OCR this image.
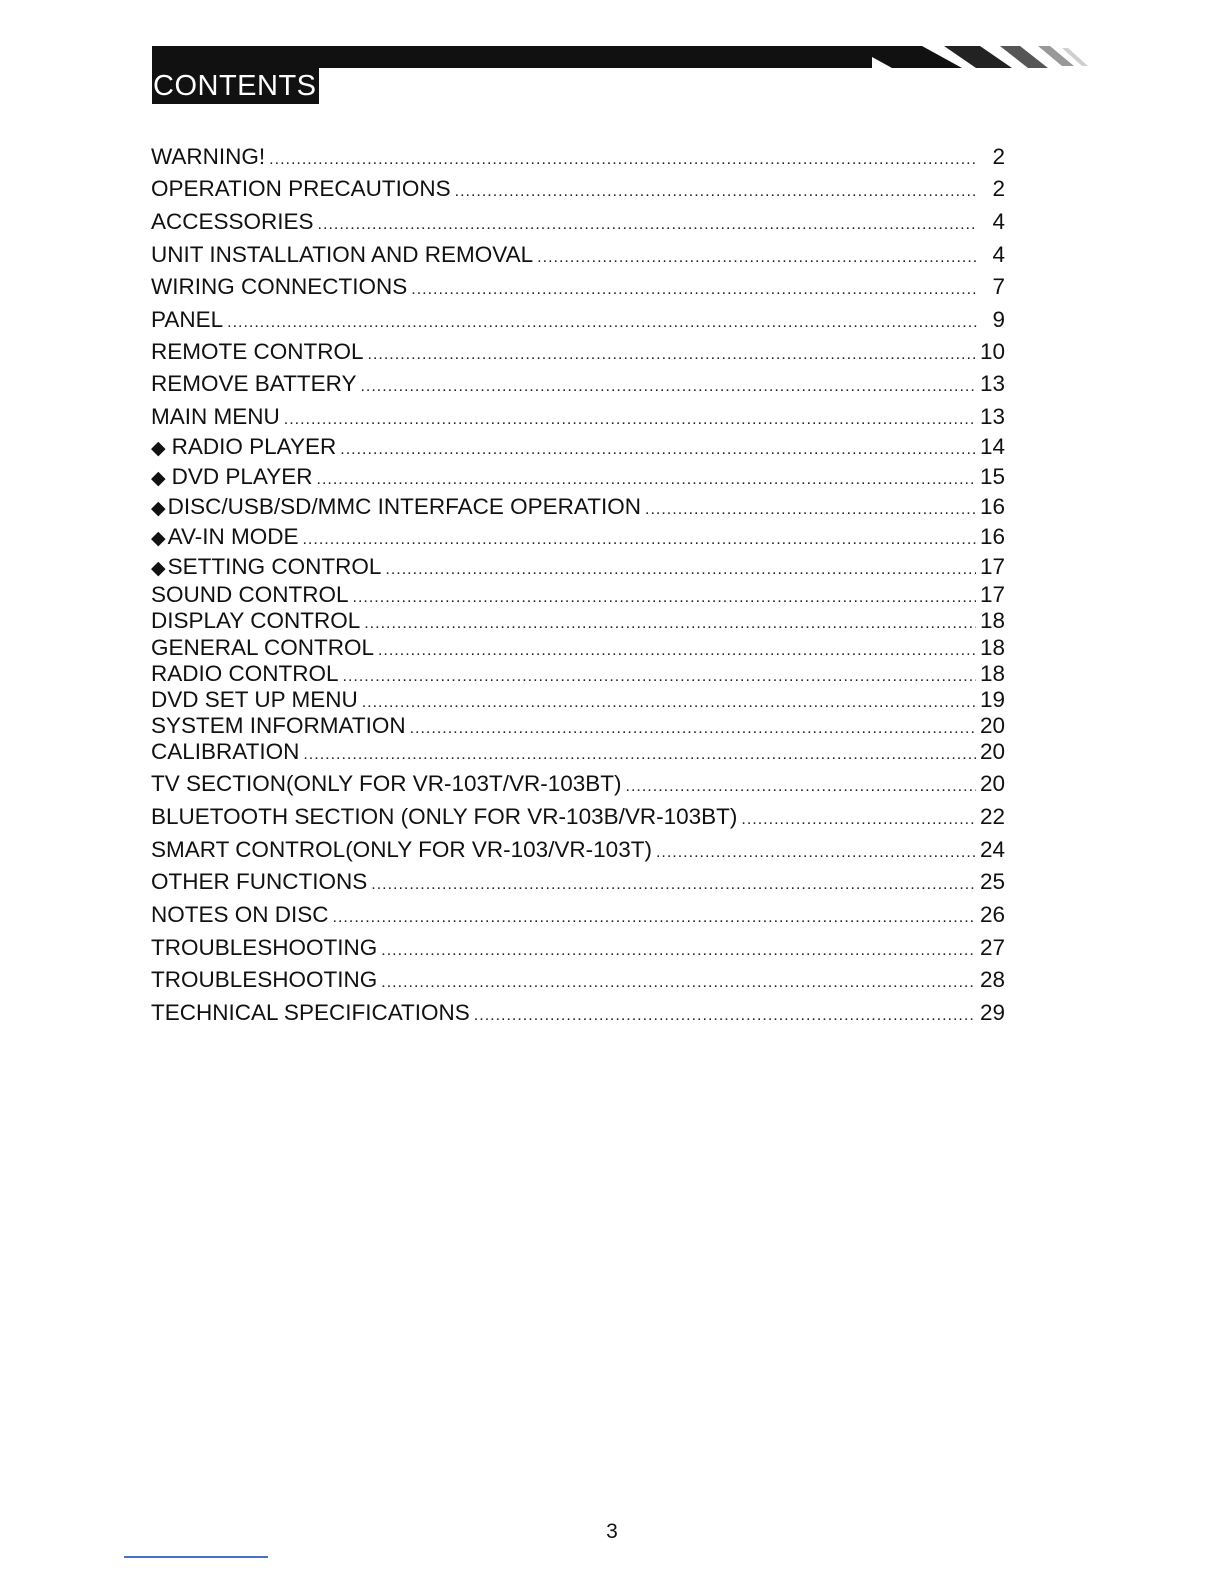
CONTENTS
WARNING! .....	2
OPERATION PRECAUTIONS .....	2
ACCESSORIES .....	4
UNIT INSTALLATION AND REMOVAL .....	4
WIRING CONNECTIONS .....	7
PANEL .....	9
REMOTE CONTROL .....	10
REMOVE BATTERY .....	13
MAIN MENU .....	13
◆ RADIO PLAYER .....	14
◆ DVD PLAYER .....	15
◆DISC/USB/SD/MMC INTERFACE OPERATION .....	16
◆AV-IN MODE .....	16
◆SETTING CONTROL .....	17
SOUND CONTROL .....	17
DISPLAY CONTROL .....	18
GENERAL CONTROL .....	18
RADIO CONTROL .....	18
DVD SET UP MENU .....	19
SYSTEM INFORMATION .....	20
CALIBRATION .....	20
TV SECTION(ONLY FOR VR-103T/VR-103BT) .....	20
BLUETOOTH SECTION (ONLY FOR VR-103B/VR-103BT) .....	22
SMART CONTROL(ONLY FOR VR-103/VR-103T) .....	24
OTHER FUNCTIONS .....	25
NOTES ON DISC .....	26
TROUBLESHOOTING .....	27
TROUBLESHOOTING .....	28
TECHNICAL SPECIFICATIONS .....	29
3
